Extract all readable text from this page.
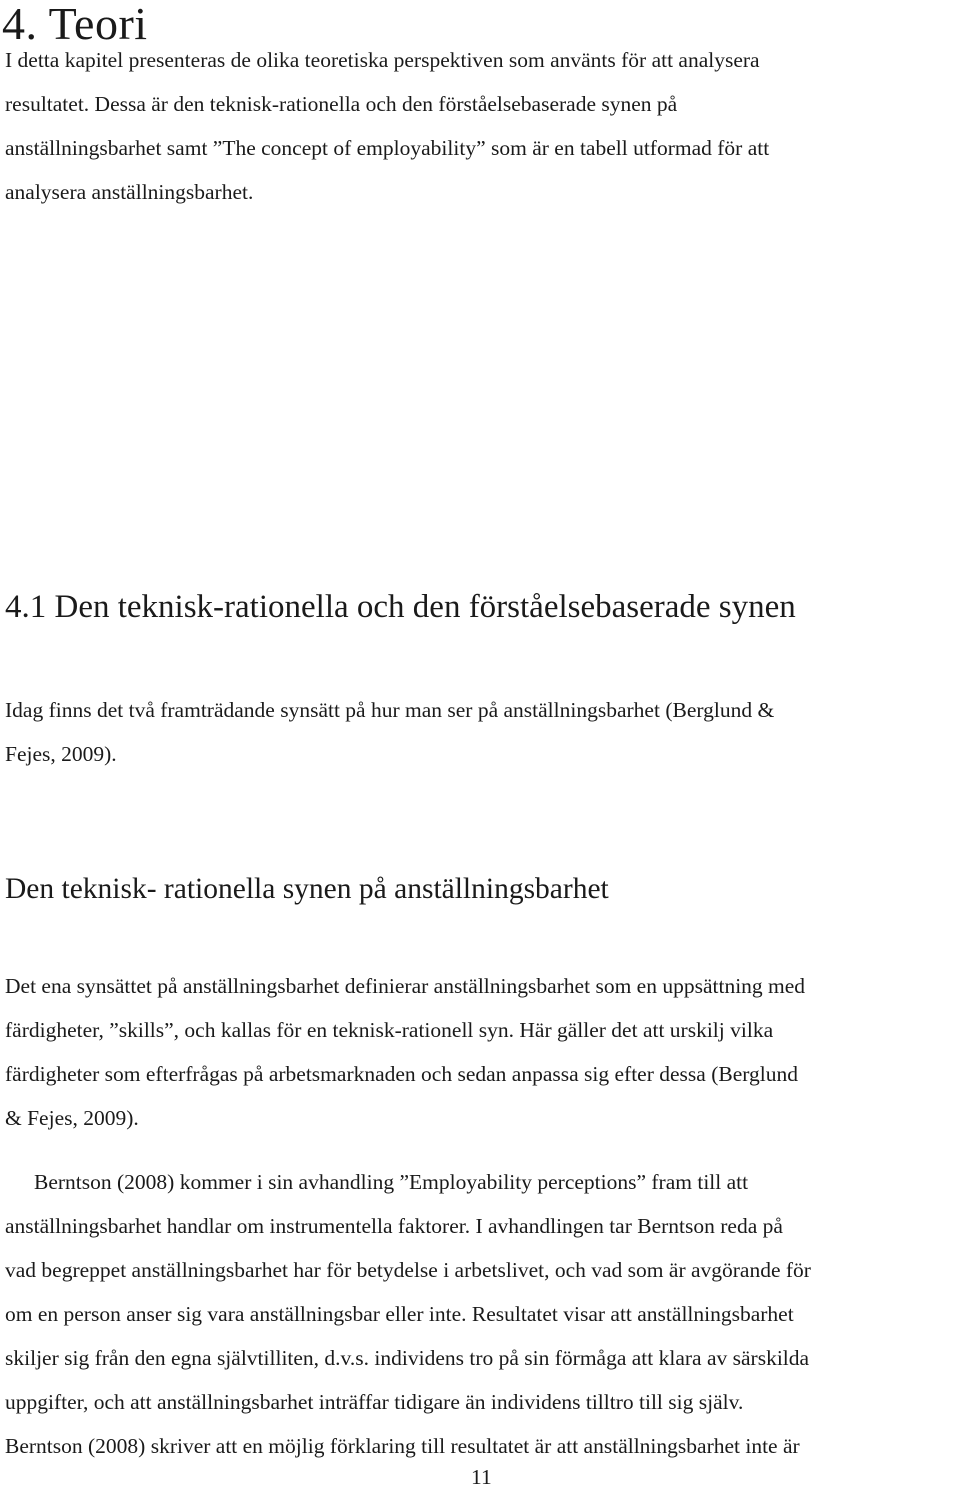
4. Teori

I detta kapitel presenteras de olika teoretiska perspektiven som använts för att analysera
resultatet. Dessa är den teknisk-rationella och den förståelsebaserade synen på
anställningsbarhet samt ”The concept of employability” som är en tabell utformad för att
analysera anställningsbarhet.

4.1 Den teknisk-rationella och den förståelsebaserade synen

Idag finns det två framträdande synsätt på hur man ser på anställningsbarhet (Berglund &
Fejes, 2009).

Den teknisk- rationella synen på anställningsbarhet

Det ena synsättet på anställningsbarhet definierar anställningsbarhet som en uppsättning med
färdigheter, ”skills”, och kallas för en teknisk-rationell syn. Här gäller det att urskilj vilka
färdigheter som efterfrågas på arbetsmarknaden och sedan anpassa sig efter dessa (Berglund
& Fejes, 2009).

Berntson (2008) kommer i sin avhandling ”Employability perceptions” fram till att
anställningsbarhet handlar om instrumentella faktorer. I avhandlingen tar Berntson reda på
vad begreppet anställningsbarhet har för betydelse i arbetslivet, och vad som är avgörande för
om en person anser sig vara anställningsbar eller inte. Resultatet visar att anställningsbarhet
skiljer sig från den egna självtilliten, d.v.s. individens tro på sin förmåga att klara av särskilda
uppgifter, och att anställningsbarhet inträffar tidigare än individens tilltro till sig själv.
Berntson (2008) skriver att en möjlig förklaring till resultatet är att anställningsbarhet inte är

11
